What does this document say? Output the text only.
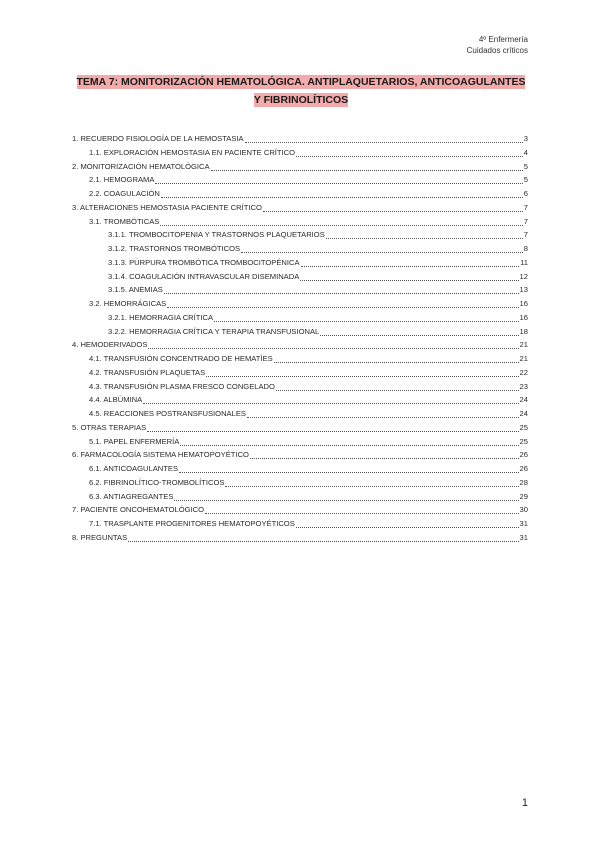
4º Enfermería
Cuidados críticos
TEMA 7: MONITORIZACIÓN HEMATOLÓGICA. ANTIPLAQUETARIOS, ANTICOAGULANTES Y FIBRINOLÍTICOS
1. RECUERDO FISIOLOGÍA DE LA HEMOSTASIA	3
1.1. EXPLORACIÓN HEMOSTASIA EN PACIENTE CRÍTICO	4
2. MONITORIZACIÓN HEMATOLÓGICA	5
2.1. HEMOGRAMA	5
2.2. COAGULACIÓN	6
3. ALTERACIONES HEMOSTASIA PACIENTE CRÍTICO	7
3.1. TROMBÓTICAS	7
3.1.1. TROMBOCITOPENIA Y TRASTORNOS PLAQUETARIOS	7
3.1.2. TRASTORNOS TROMBÓTICOS	8
3.1.3. PÚRPURA TROMBÓTICA TROMBOCITOPÉNICA	11
3.1.4. COAGULACIÓN INTRAVASCULAR DISEMINADA	12
3.1.5. ANEMIAS	13
3.2. HEMORRÁGICAS	16
3.2.1. HEMORRAGIA CRÍTICA	16
3.2.2. HEMORRAGIA CRÍTICA Y TERAPIA TRANSFUSIONAL	18
4. HEMODERIVADOS	21
4.1. TRANSFUSIÓN CONCENTRADO DE HEMATÍES	21
4.2. TRANSFUSIÓN PLAQUETAS	22
4.3. TRANSFUSIÓN PLASMA FRESCO CONGELADO	23
4.4. ALBÚMINA	24
4.5. REACCIONES POSTRANSFUSIONALES	24
5. OTRAS TERAPIAS	25
5.1. PAPEL ENFERMERÍA	25
6. FARMACOLOGÍA SISTEMA HEMATOPOYÉTICO	26
6.1. ANTICOAGULANTES	26
6.2. FIBRINOLÍTICO-TROMBOLÍTICOS	28
6.3. ANTIAGREGANTES	29
7. PACIENTE ONCOHEMATOLÓGICO	30
7.1. TRASPLANTE PROGENITORES HEMATOPOYÉTICOS	31
8. PREGUNTAS	31
1
